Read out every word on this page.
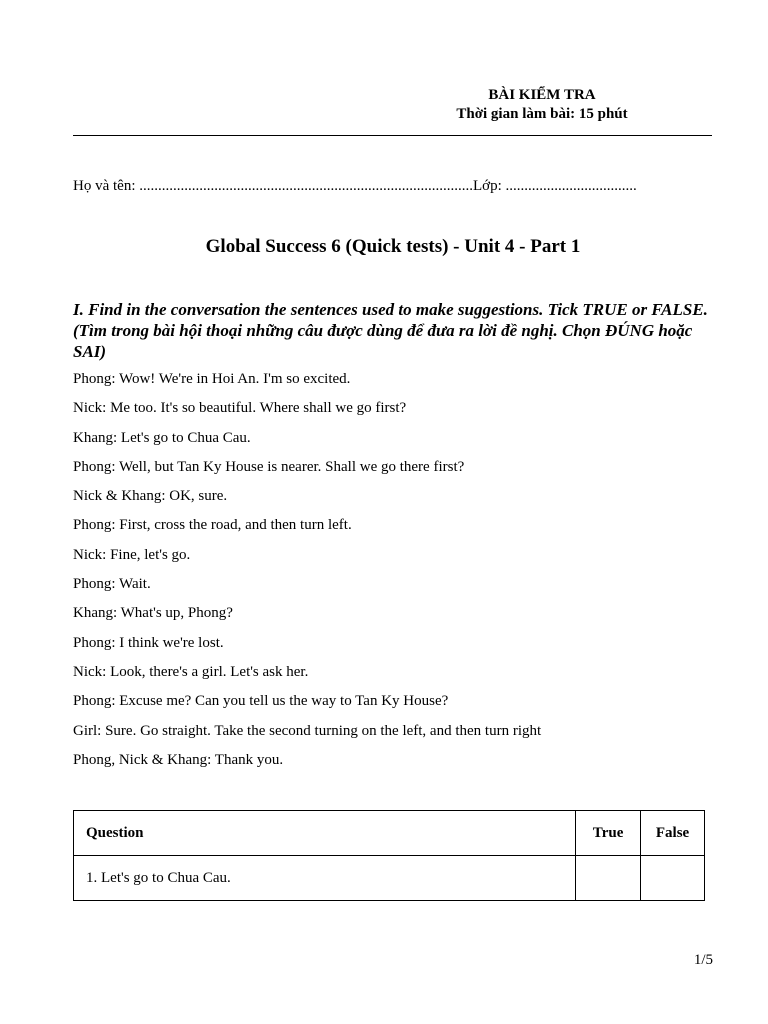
BÀI KIỂM TRA
Thời gian làm bài: 15 phút
Họ và tên: .........................................................................................Lớp: ...................................
Global Success 6 (Quick tests) - Unit 4 - Part 1
I. Find in the conversation the sentences used to make suggestions. Tick TRUE or FALSE. (Tìm trong bài hội thoại những câu được dùng để đưa ra lời đề nghị. Chọn ĐÚNG hoặc SAI)
Phong: Wow! We're in Hoi An. I'm so excited.
Nick: Me too. It's so beautiful. Where shall we go first?
Khang: Let's go to Chua Cau.
Phong: Well, but Tan Ky House is nearer. Shall we go there first?
Nick & Khang: OK, sure.
Phong: First, cross the road, and then turn left.
Nick: Fine, let's go.
Phong: Wait.
Khang: What's up, Phong?
Phong: I think we're lost.
Nick: Look, there's a girl. Let's ask her.
Phong: Excuse me? Can you tell us the way to Tan Ky House?
Girl: Sure. Go straight. Take the second turning on the left, and then turn right
Phong, Nick & Khang: Thank you.
Question	True	False
1. Let's go to Chua Cau.		
1/5
